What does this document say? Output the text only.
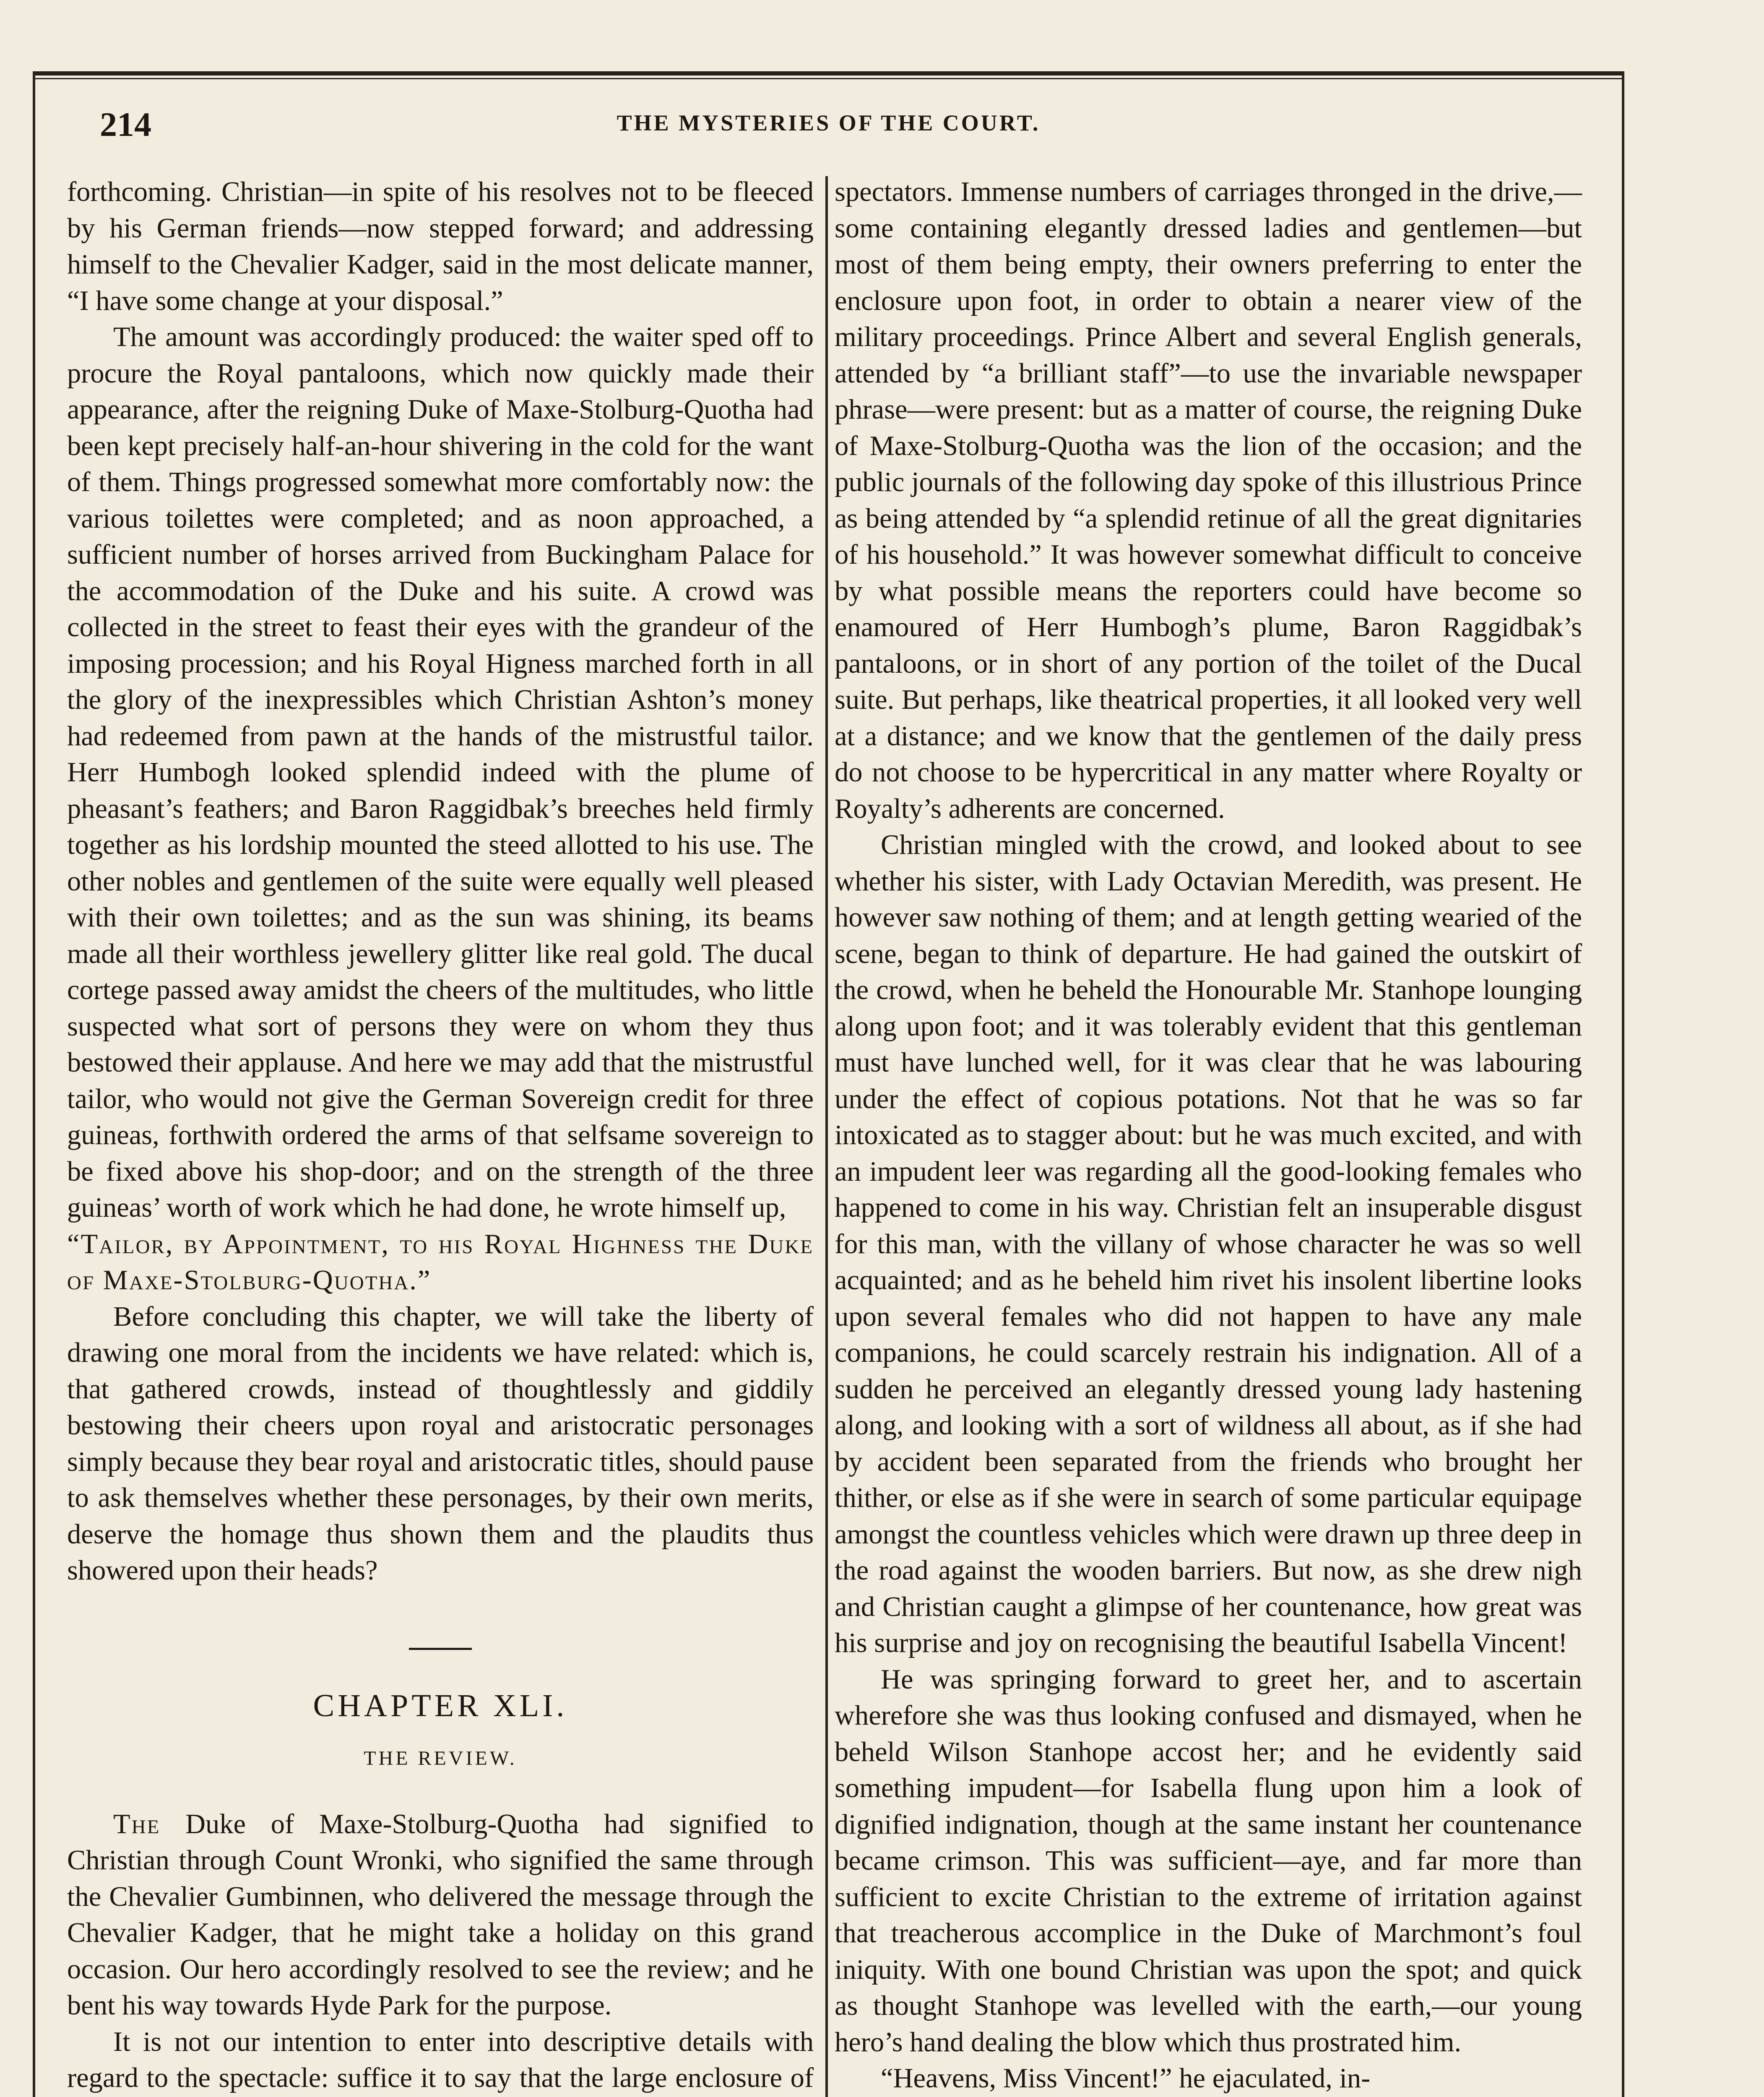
214	THE MYSTERIES OF THE COURT.

forthcoming. Christian—in spite of his resolves not to be fleeced by his German friends—now stepped forward; and addressing himself to the Chevalier Kadger, said in the most delicate manner, “I have some change at your disposal.”

The amount was accordingly produced: the waiter sped off to procure the Royal pantaloons, which now quickly made their appearance, after the reigning Duke of Maxe-Stolburg-Quotha had been kept precisely half-an-hour shivering in the cold for the want of them. Things progressed somewhat more comfortably now: the various toilettes were completed; and as noon approached, a sufficient number of horses arrived from Buckingham Palace for the accommodation of the Duke and his suite. A crowd was collected in the street to feast their eyes with the grandeur of the imposing procession; and his Royal Higness marched forth in all the glory of the inexpressibles which Christian Ashton’s money had redeemed from pawn at the hands of the mistrustful tailor. Herr Humbogh looked splendid indeed with the plume of pheasant’s feathers; and Baron Raggidbak’s breeches held firmly together as his lordship mounted the steed allotted to his use. The other nobles and gentlemen of the suite were equally well pleased with their own toilettes; and as the sun was shining, its beams made all their worthless jewellery glitter like real gold. The ducal cortege passed away amidst the cheers of the multitudes, who little suspected what sort of persons they were on whom they thus bestowed their applause. And here we may add that the mistrustful tailor, who would not give the German Sovereign credit for three guineas, forthwith ordered the arms of that selfsame sovereign to be fixed above his shop-door; and on the strength of the three guineas’ worth of work which he had done, he wrote himself up,

“Tailor, by Appointment, to his Royal Highness the Duke of Maxe-Stolburg-Quotha.”

Before concluding this chapter, we will take the liberty of drawing one moral from the incidents we have related: which is, that gathered crowds, instead of thoughtlessly and giddily bestowing their cheers upon royal and aristocratic personages simply because they bear royal and aristocratic titles, should pause to ask themselves whether these personages, by their own merits, deserve the homage thus shown them and the plaudits thus showered upon their heads?

CHAPTER XLI.
THE REVIEW.

The Duke of Maxe-Stolburg-Quotha had signified to Christian through Count Wronki, who signified the same through the Chevalier Gumbinnen, who delivered the message through the Chevalier Kadger, that he might take a holiday on this grand occasion. Our hero accordingly resolved to see the review; and he bent his way towards Hyde Park for the purpose.

It is not our intention to enter into descriptive details with regard to the spectacle: suffice it to say that the large enclosure of

spectators. Immense numbers of carriages thronged in the drive,—some containing elegantly dressed ladies and gentlemen—but most of them being empty, their owners preferring to enter the enclosure upon foot, in order to obtain a nearer view of the military proceedings. Prince Albert and several English generals, attended by “a brilliant staff”—to use the invariable newspaper phrase—were present: but as a matter of course, the reigning Duke of Maxe-Stolburg-Quotha was the lion of the occasion; and the public journals of the following day spoke of this illustrious Prince as being attended by “a splendid retinue of all the great dignitaries of his household.” It was however somewhat difficult to conceive by what possible means the reporters could have become so enamoured of Herr Humbogh’s plume, Baron Raggidbak’s pantaloons, or in short of any portion of the toilet of the Ducal suite. But perhaps, like theatrical properties, it all looked very well at a distance; and we know that the gentlemen of the daily press do not choose to be hypercritical in any matter where Royalty or Royalty’s adherents are concerned.

Christian mingled with the crowd, and looked about to see whether his sister, with Lady Octavian Meredith, was present. He however saw nothing of them; and at length getting wearied of the scene, began to think of departure. He had gained the outskirt of the crowd, when he beheld the Honourable Mr. Stanhope lounging along upon foot; and it was tolerably evident that this gentleman must have lunched well, for it was clear that he was labouring under the effect of copious potations. Not that he was so far intoxicated as to stagger about: but he was much excited, and with an impudent leer was regarding all the good-looking females who happened to come in his way. Christian felt an insuperable disgust for this man, with the villany of whose character he was so well acquainted; and as he beheld him rivet his insolent libertine looks upon several females who did not happen to have any male companions, he could scarcely restrain his indignation. All of a sudden he perceived an elegantly dressed young lady hastening along, and looking with a sort of wildness all about, as if she had by accident been separated from the friends who brought her thither, or else as if she were in search of some particular equipage amongst the countless vehicles which were drawn up three deep in the road against the wooden barriers. But now, as she drew nigh and Christian caught a glimpse of her countenance, how great was his surprise and joy on recognising the beautiful Isabella Vincent!

He was springing forward to greet her, and to ascertain wherefore she was thus looking confused and dismayed, when he beheld Wilson Stanhope accost her; and he evidently said something impudent—for Isabella flung upon him a look of dignified indignation, though at the same instant her countenance became crimson. This was sufficient—aye, and far more than sufficient to excite Christian to the extreme of irritation against that treacherous accomplice in the Duke of Marchmont’s foul iniquity. With one bound Christian was upon the spot; and quick as thought Stanhope was levelled with the earth,—our young hero’s hand dealing the blow which thus prostrated him.

“Heavens, Miss Vincent!” he ejaculated, in-
